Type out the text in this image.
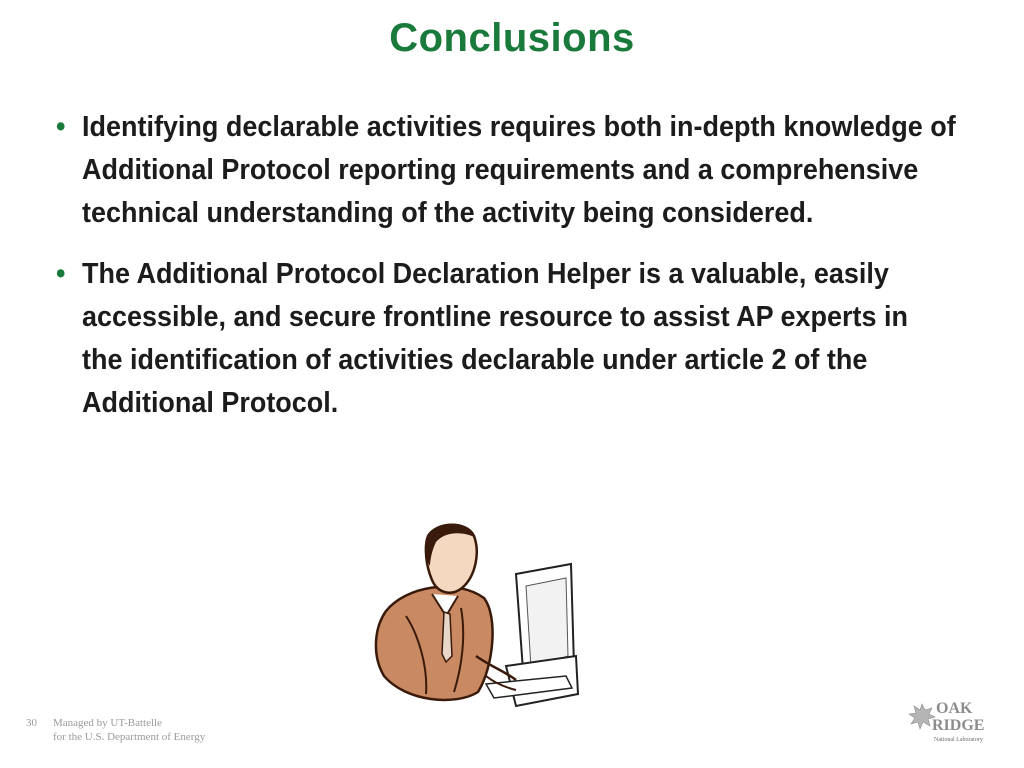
Conclusions
• Identifying declarable activities requires both in-depth knowledge of Additional Protocol reporting requirements and a comprehensive technical understanding of the activity being considered.
• The Additional Protocol Declaration Helper is a valuable, easily accessible, and secure frontline resource to assist AP experts in the identification of activities declarable under article 2 of the Additional Protocol.
30	Managed by UT-Battelle
for the U.S. Department of Energy
OAK
RIDGE
National Laboratory
